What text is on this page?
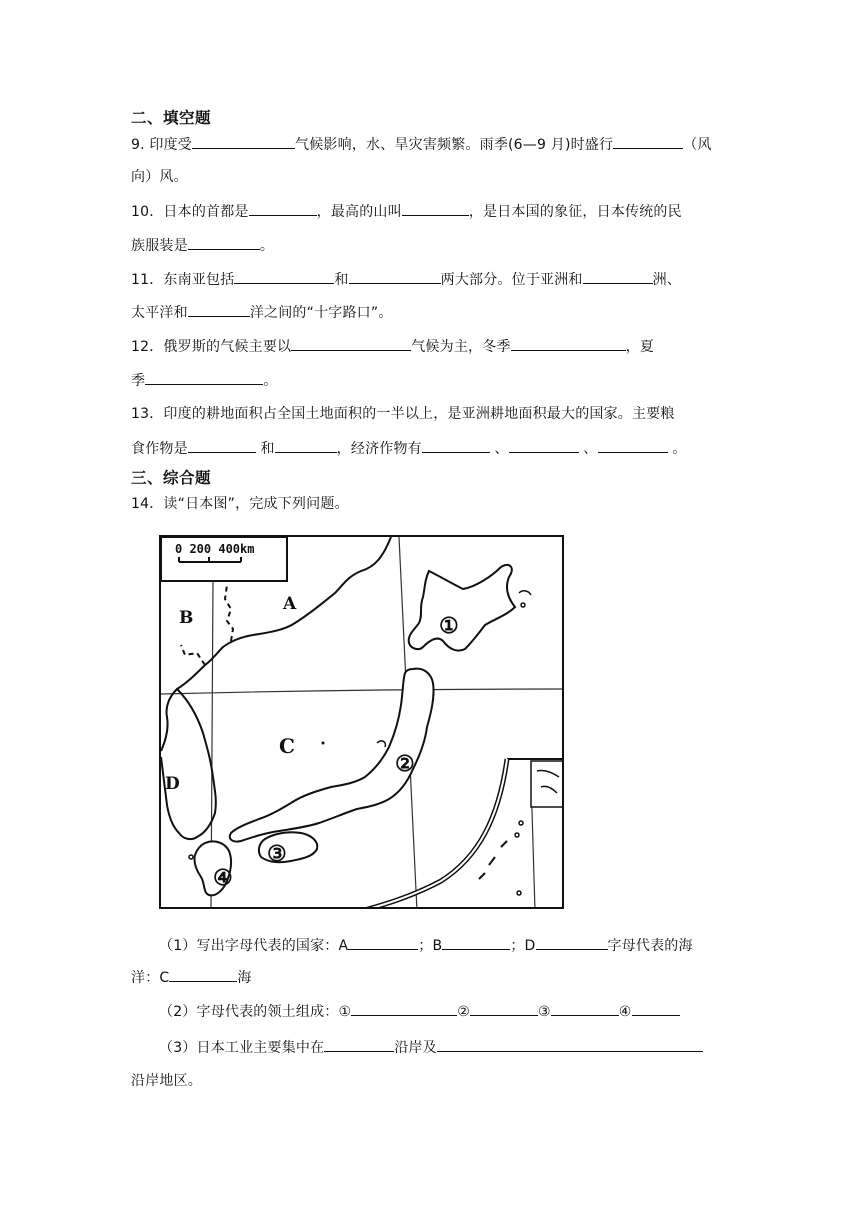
二、填空题
9. 印度受	气候影响，水、旱灾害频繁。雨季(6—9 月)时盛行	（风
向）风。
10．日本的首都是	，最高的山叫	，是日本国的象征，日本传统的民
族服装是	。
11．东南亚包括	和	两大部分。位于亚洲和	洲、
太平洋和	洋之间的“十字路口”。
12．俄罗斯的气候主要以	气候为主，冬季	，夏
季	。
13．印度的耕地面积占全国土地面积的一半以上，是亚洲耕地面积最大的国家。主要粮
食作物是	和	，经济作物有	、	、	。
三、综合题
14．读“日本图”，完成下列问题。
A
B
C
D
①
②
③
④
0 200 400km
（1）写出字母代表的国家：A	；B	；D	字母代表的海
洋：C	海
（2）字母代表的领土组成：①	②	③	④
（3）日本工业主要集中在	沿岸及
沿岸地区。
